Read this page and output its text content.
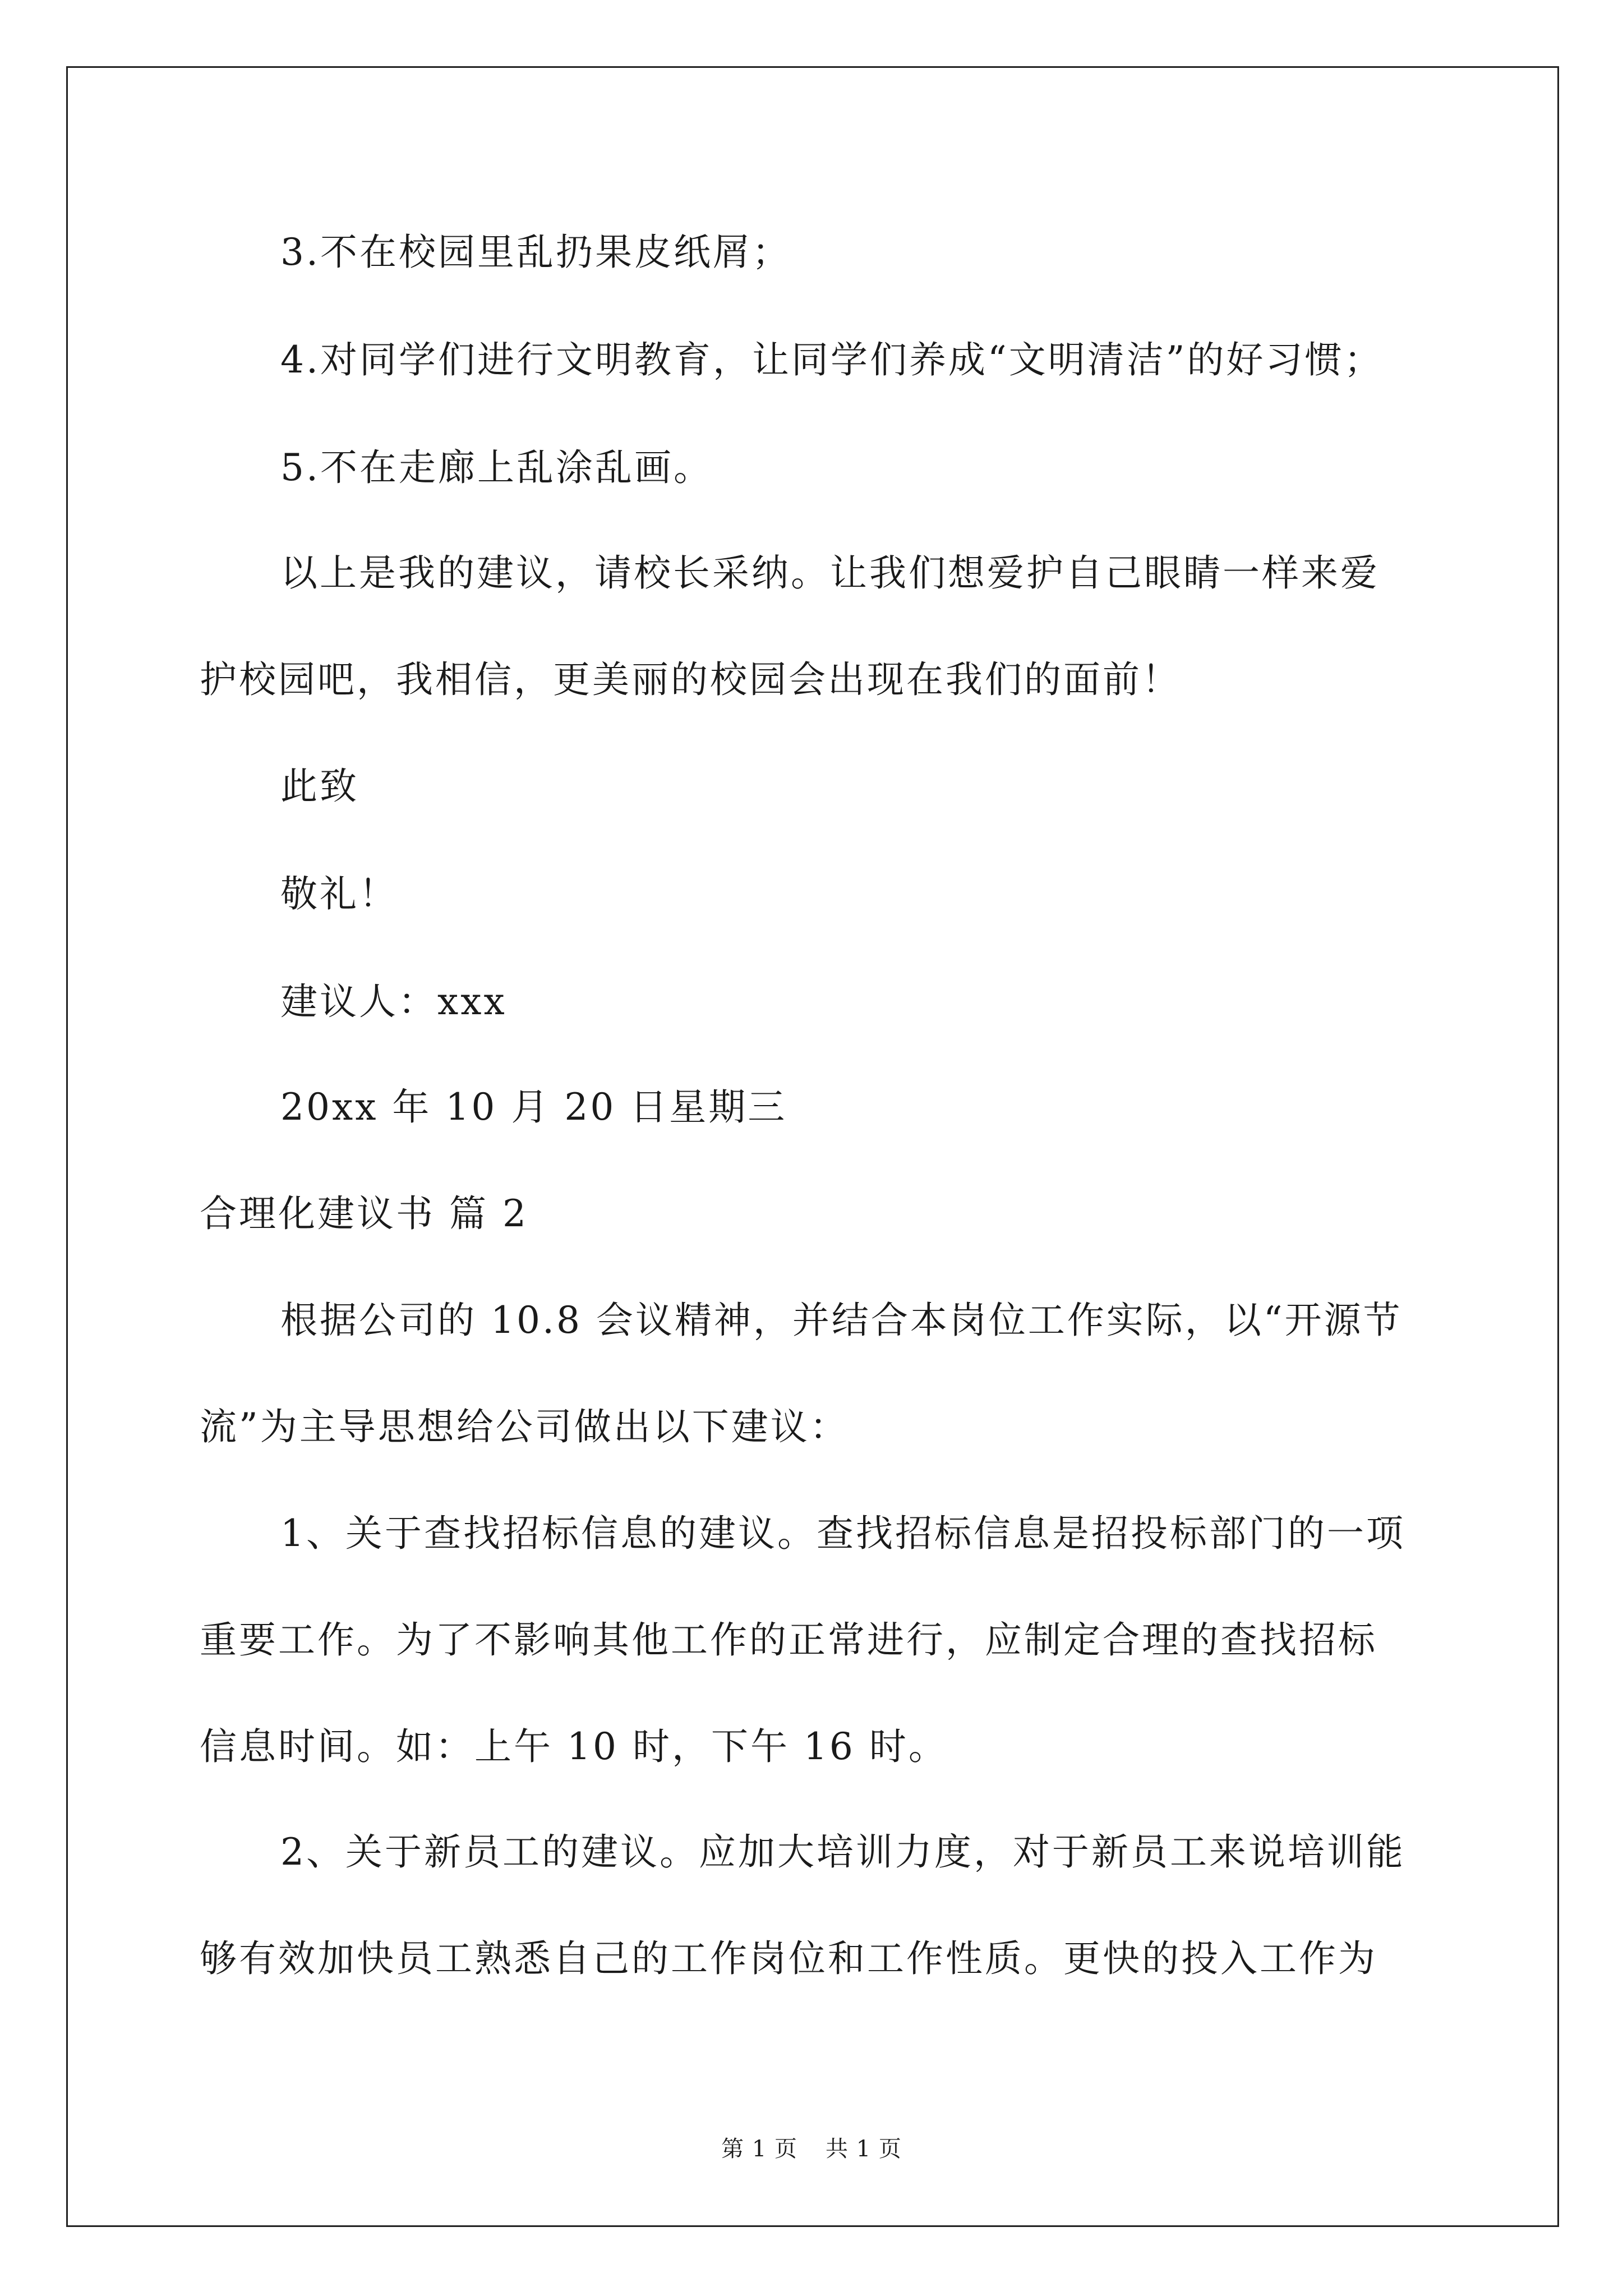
3.不在校园里乱扔果皮纸屑；
4.对同学们进行文明教育，让同学们养成“文明清洁”的好习惯；
5.不在走廊上乱涂乱画。
以上是我的建议，请校长采纳。让我们想爱护自己眼睛一样来爱
护校园吧，我相信，更美丽的校园会出现在我们的面前！
此致
敬礼！
建议人：xxx
20xx 年 10 月 20 日星期三
合理化建议书 篇 2
根据公司的 10.8 会议精神，并结合本岗位工作实际，以“开源节
流”为主导思想给公司做出以下建议：
1、关于查找招标信息的建议。查找招标信息是招投标部门的一项
重要工作。为了不影响其他工作的正常进行，应制定合理的查找招标
信息时间。如：上午 10 时，下午 16 时。
2、关于新员工的建议。应加大培训力度，对于新员工来说培训能
够有效加快员工熟悉自己的工作岗位和工作性质。更快的投入工作为
第 1 页 共 1 页
